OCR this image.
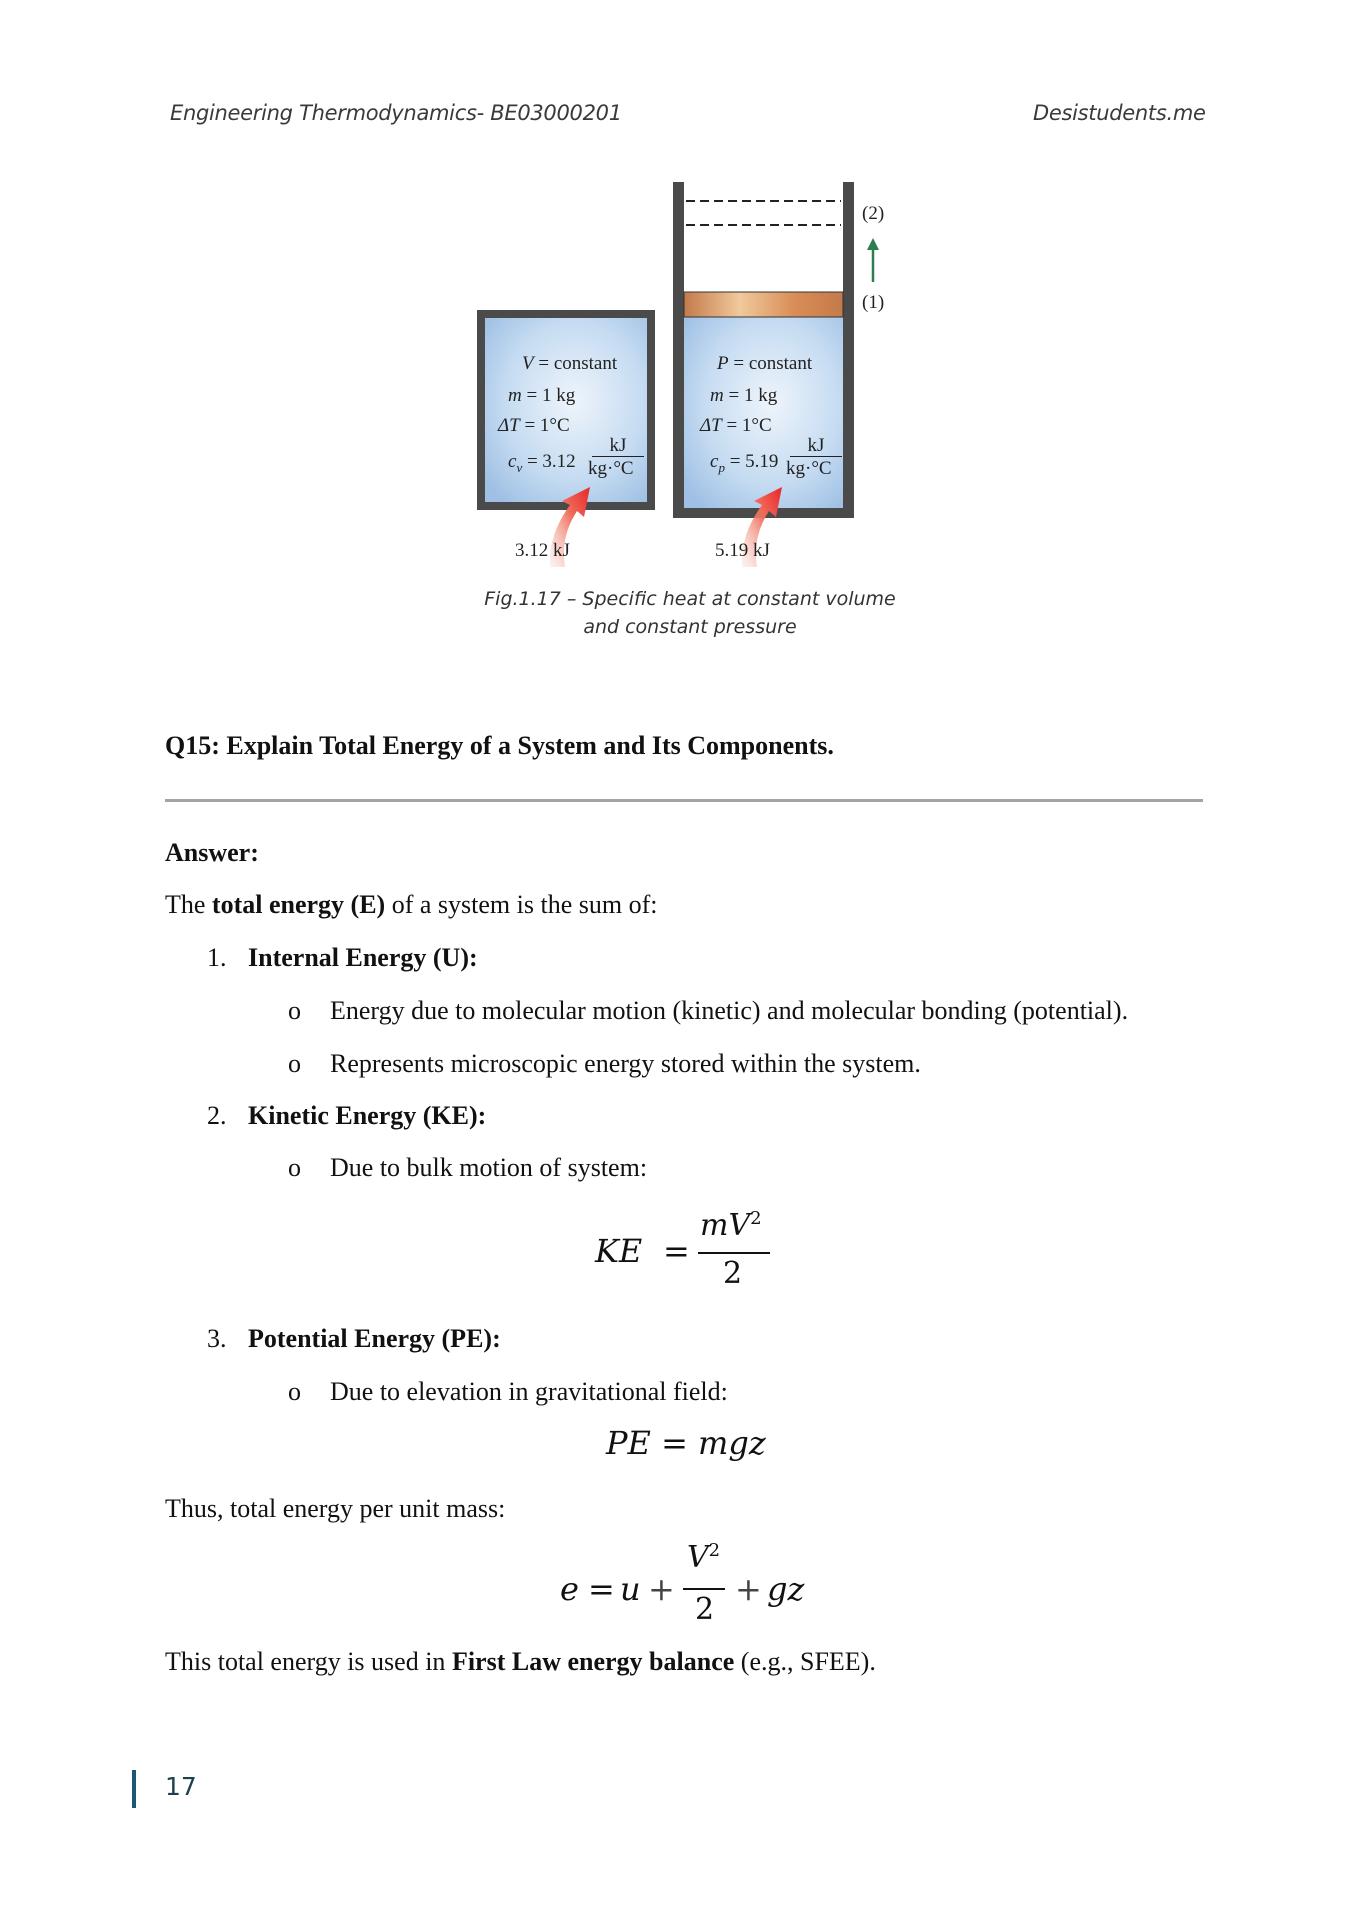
Engineering Thermodynamics- BE03000201	Desistudents.me
V = constant
m = 1 kg
ΔT = 1°C
$c_v = 3.12$
kJ
kg·°C
3.12 kJ
P = constant
m = 1 kg
ΔT = 1°C
$c_p = 5.19$
kJ
kg·°C
5.19 kJ
(2)
(1)
Fig.1.17 – Specific heat at constant volume
and constant pressure
Q15: Explain Total Energy of a System and Its Components.
Answer:
The total energy (E) of a system is the sum of:
1. Internal Energy (U):
o Energy due to molecular motion (kinetic) and molecular bonding (potential).
o Represents microscopic energy stored within the system.
2. Kinetic Energy (KE):
o Due to bulk motion of system:
KE =
$mV^2$
2
3. Potential Energy (PE):
o Due to elevation in gravitational field:
PE = mgz
Thus, total energy per unit mass:
e = u +
$V^2$
2
+ gz
This total energy is used in First Law energy balance (e.g., SFEE).
17
